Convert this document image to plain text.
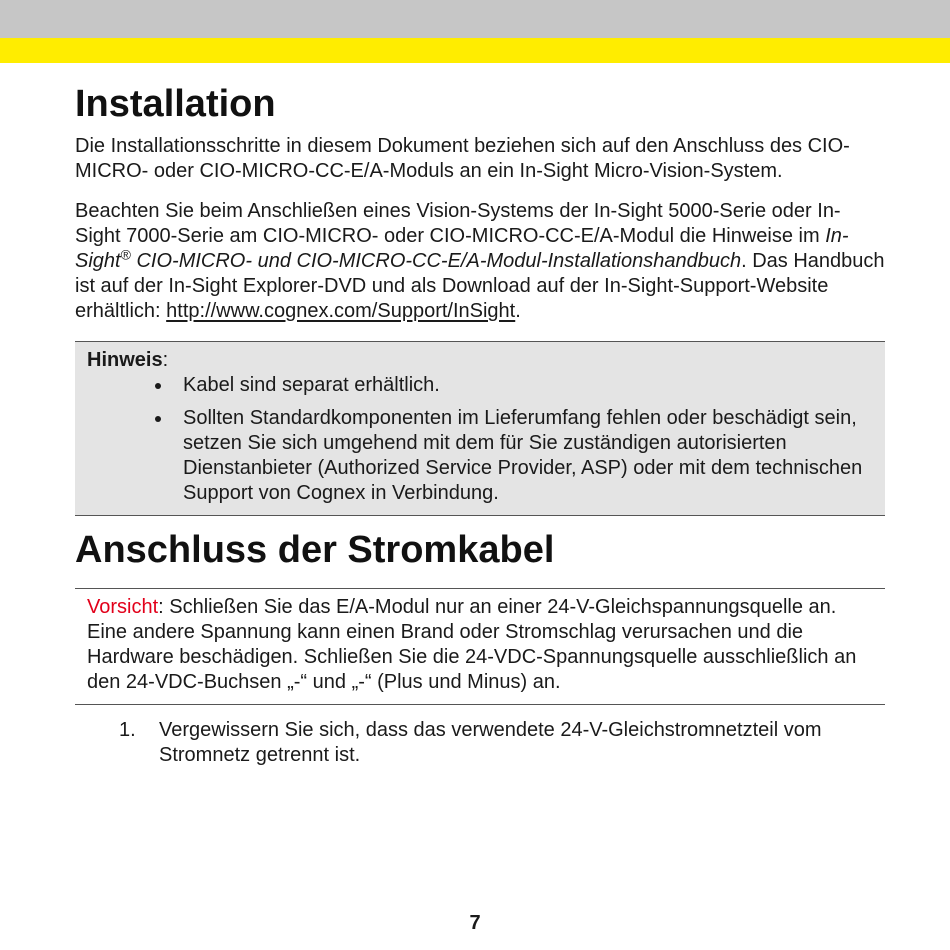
Installation

Die Installationsschritte in diesem Dokument beziehen sich auf den Anschluss des CIO-MICRO- oder CIO-MICRO-CC-E/A-Moduls an ein In-Sight Micro-Vision-System.

Beachten Sie beim Anschließen eines Vision-Systems der In-Sight 5000-Serie oder In-Sight 7000-Serie am CIO-MICRO- oder CIO-MICRO-CC-E/A-Modul die Hinweise im In-Sight® CIO-MICRO- und CIO-MICRO-CC-E/A-Modul-Installationshandbuch. Das Handbuch ist auf der In-Sight Explorer-DVD und als Download auf der In-Sight-Support-Website erhältlich: http://www.cognex.com/Support/InSight.

Hinweis:
Kabel sind separat erhältlich.
Sollten Standardkomponenten im Lieferumfang fehlen oder beschädigt sein, setzen Sie sich umgehend mit dem für Sie zuständigen autorisierten Dienstanbieter (Authorized Service Provider, ASP) oder mit dem technischen Support von Cognex in Verbindung.
Anschluss der Stromkabel
Vorsicht: Schließen Sie das E/A-Modul nur an einer 24-V-Gleichspannungsquelle an. Eine andere Spannung kann einen Brand oder Stromschlag verursachen und die Hardware beschädigen. Schließen Sie die 24-VDC-Spannungsquelle ausschließlich an den 24-VDC-Buchsen „-“ und „-“ (Plus und Minus) an.
1. Vergewissern Sie sich, dass das verwendete 24-V-Gleichstromnetzteil vom Stromnetz getrennt ist.
7
